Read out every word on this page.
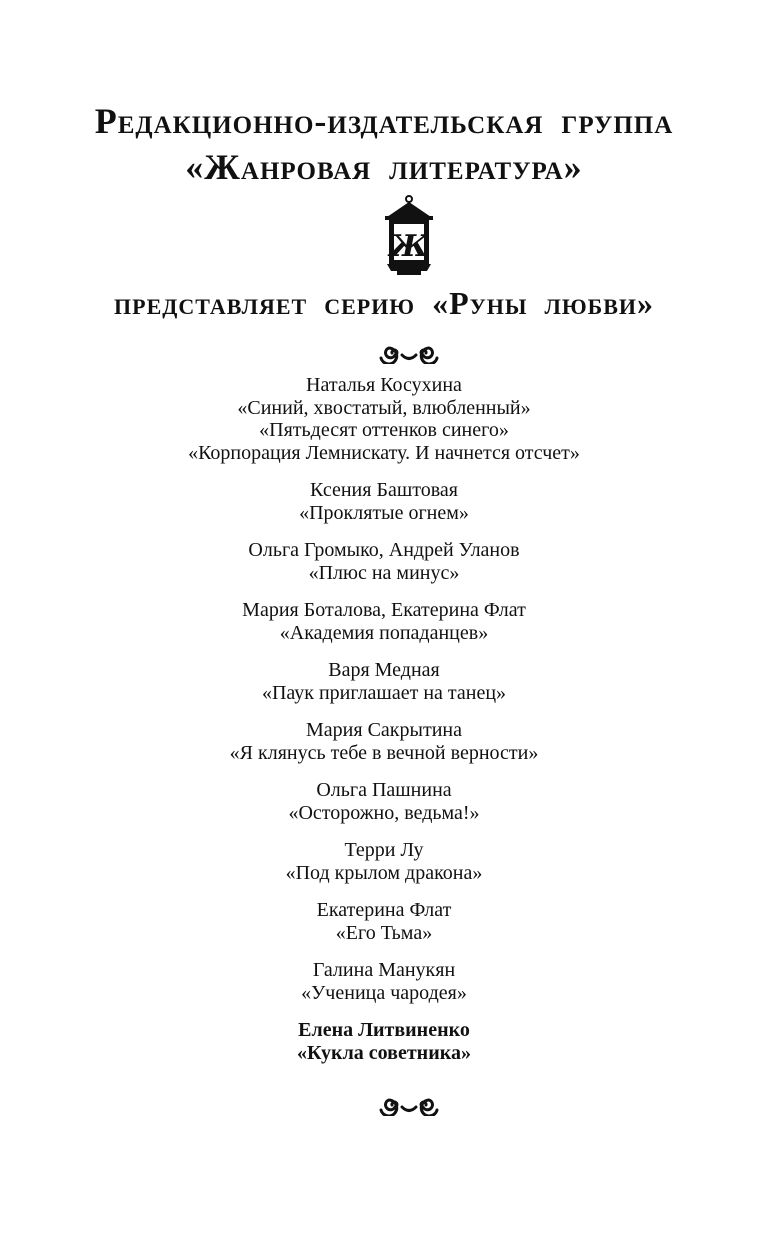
Редакционно-издательская группа
«Жанровая литература»
Ж
представляет серию «Руны любви»
Наталья Косухина
«Синий, хвостатый, влюбленный»
«Пятьдесят оттенков синего»
«Корпорация Лемнискату. И начнется отсчет»
Ксения Баштовая
«Проклятые огнем»
Ольга Громыко, Андрей Уланов
«Плюс на минус»
Мария Боталова, Екатерина Флат
«Академия попаданцев»
Варя Медная
«Паук приглашает на танец»
Мария Сакрытина
«Я клянусь тебе в вечной верности»
Ольга Пашнина
«Осторожно, ведьма!»
Терри Лу
«Под крылом дракона»
Екатерина Флат
«Его Тьма»
Галина Манукян
«Ученица чародея»
Елена Литвиненко
«Кукла советника»
